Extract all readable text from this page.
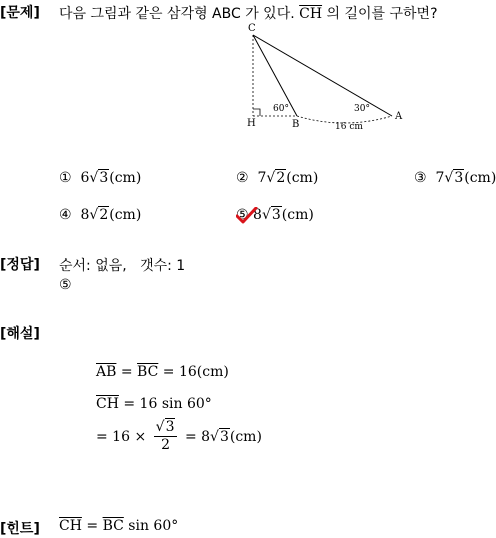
[문제] 다음 그림과 같은 삼각형 ABC 가 있다. $\overline{CH}$ 의 길이를 구하면?
C
H	B
A
60°	30°
16 cm
① 6√3(cm)	② 7√2(cm)	③ 7√3(cm)
④ 8√2(cm)	⑤ 8√3(cm)
[정답] 순서: 없음,   갯수: 1
⑤
[해설]
$\overline{AB} = \overline{BC} = 16(cm)$
$\overline{CH} = 16$ sin 60°
= $16 \times \frac{√3}{2} = 8√3(cm)$
[힌트] $\overline{CH} = \overline{BC}$ sin 60°
